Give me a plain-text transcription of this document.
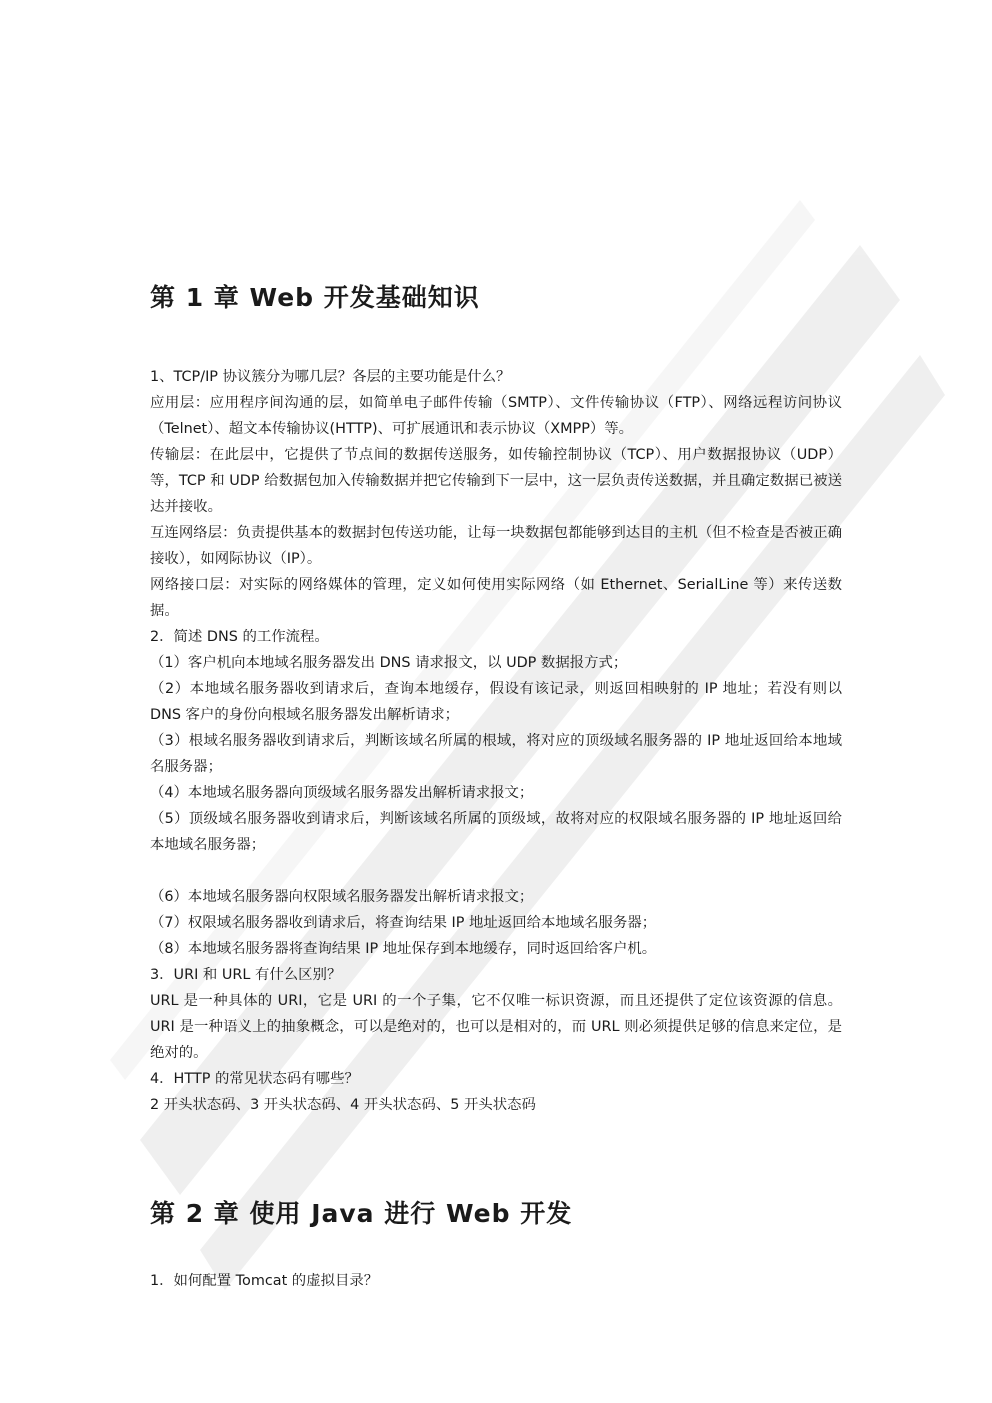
第 1 章 Web 开发基础知识

1、TCP/IP 协议簇分为哪几层？各层的主要功能是什么？

应用层：应用程序间沟通的层，如简单电子邮件传输（SMTP）、文件传输协议（FTP）、网络远程访问协议（Telnet）、超文本传输协议(HTTP)、可扩展通讯和表示协议（XMPP）等。

传输层：在此层中，它提供了节点间的数据传送服务，如传输控制协议（TCP）、用户数据报协议（UDP）等，TCP 和 UDP 给数据包加入传输数据并把它传输到下一层中，这一层负责传送数据，并且确定数据已被送达并接收。

互连网络层：负责提供基本的数据封包传送功能，让每一块数据包都能够到达目的主机（但不检查是否被正确接收），如网际协议（IP）。

网络接口层：对实际的网络媒体的管理，定义如何使用实际网络（如 Ethernet、SerialLine 等）来传送数据。

2．简述 DNS 的工作流程。

（1）客户机向本地域名服务器发出 DNS 请求报文，以 UDP 数据报方式；

（2）本地域名服务器收到请求后，查询本地缓存，假设有该记录，则返回相映射的 IP 地址；若没有则以 DNS 客户的身份向根域名服务器发出解析请求；

（3）根域名服务器收到请求后，判断该域名所属的根域，将对应的顶级域名服务器的 IP 地址返回给本地域名服务器；

（4）本地域名服务器向顶级域名服务器发出解析请求报文；

（5）顶级域名服务器收到请求后，判断该域名所属的顶级域，故将对应的权限域名服务器的 IP 地址返回给本地域名服务器；

（6）本地域名服务器向权限域名服务器发出解析请求报文；

（7）权限域名服务器收到请求后，将查询结果 IP 地址返回给本地域名服务器；

（8）本地域名服务器将查询结果 IP 地址保存到本地缓存，同时返回给客户机。

3．URI 和 URL 有什么区别？

URL 是一种具体的 URI，它是 URI 的一个子集，它不仅唯一标识资源，而且还提供了定位该资源的信息。URI 是一种语义上的抽象概念，可以是绝对的，也可以是相对的，而 URL 则必须提供足够的信息来定位，是绝对的。

4．HTTP 的常见状态码有哪些？

2 开头状态码、3 开头状态码、4 开头状态码、5 开头状态码

第 2 章 使用 Java 进行 Web 开发

1．如何配置 Tomcat 的虚拟目录？
